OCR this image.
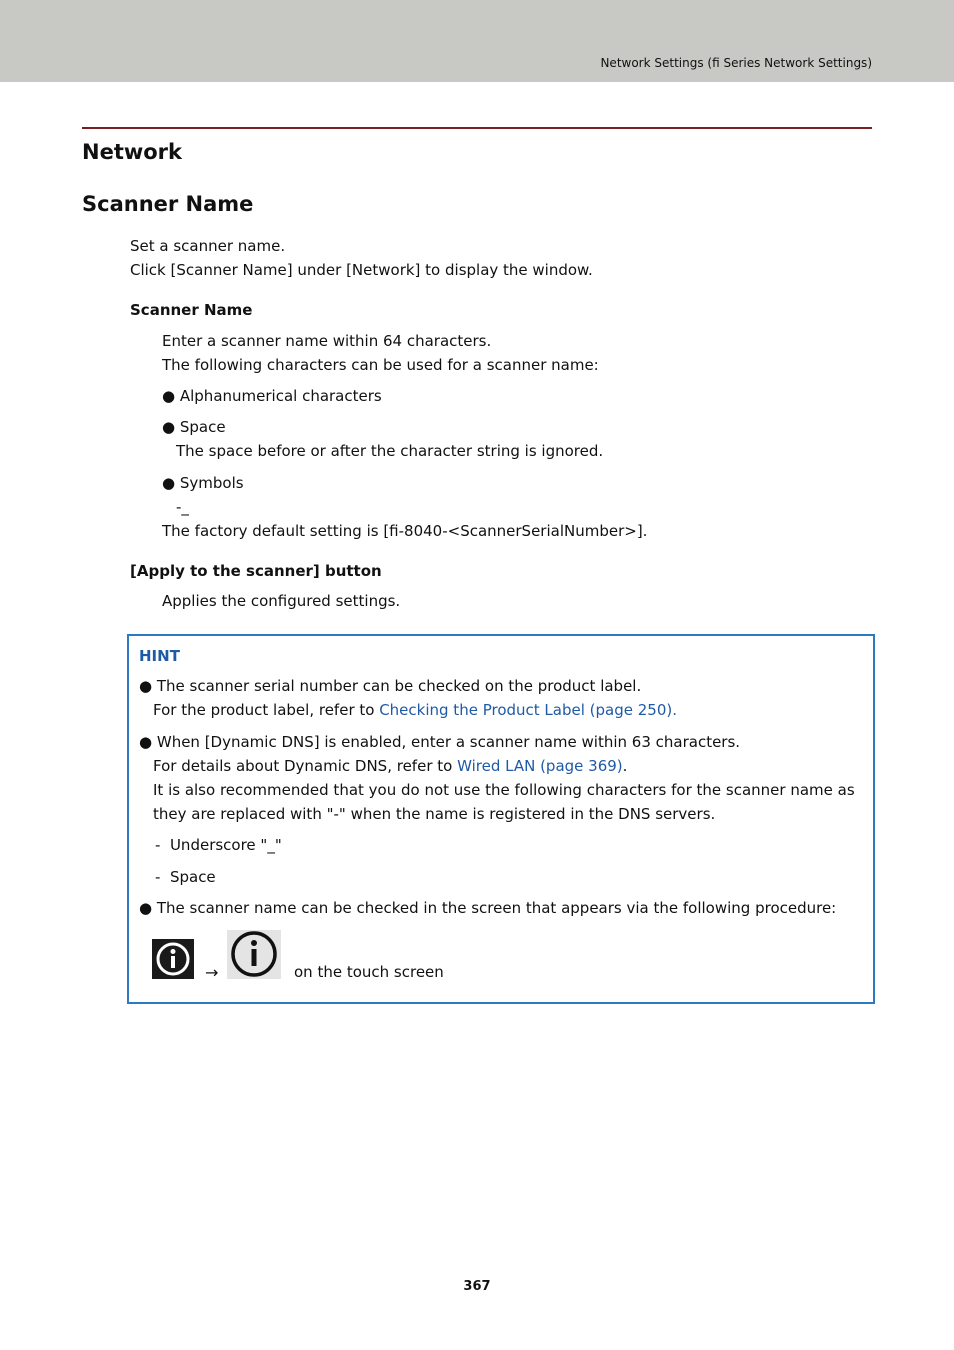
Network Settings (fi Series Network Settings)
Network
Scanner Name
Set a scanner name.
Click [Scanner Name] under [Network] to display the window.
Scanner Name
Enter a scanner name within 64 characters.
The following characters can be used for a scanner name:
● Alphanumerical characters
● Space
The space before or after the character string is ignored.
● Symbols
-_
The factory default setting is [fi-8040-<ScannerSerialNumber>].
[Apply to the scanner] button
Applies the configured settings.
HINT
● The scanner serial number can be checked on the product label.
For the product label, refer to Checking the Product Label (page 250).
● When [Dynamic DNS] is enabled, enter a scanner name within 63 characters.
For details about Dynamic DNS, refer to Wired LAN (page 369).
It is also recommended that you do not use the following characters for the scanner name as
they are replaced with "-" when the name is registered in the DNS servers.
-  Underscore "_"
-  Space
● The scanner name can be checked in the screen that appears via the following procedure:
→	on the touch screen
367
